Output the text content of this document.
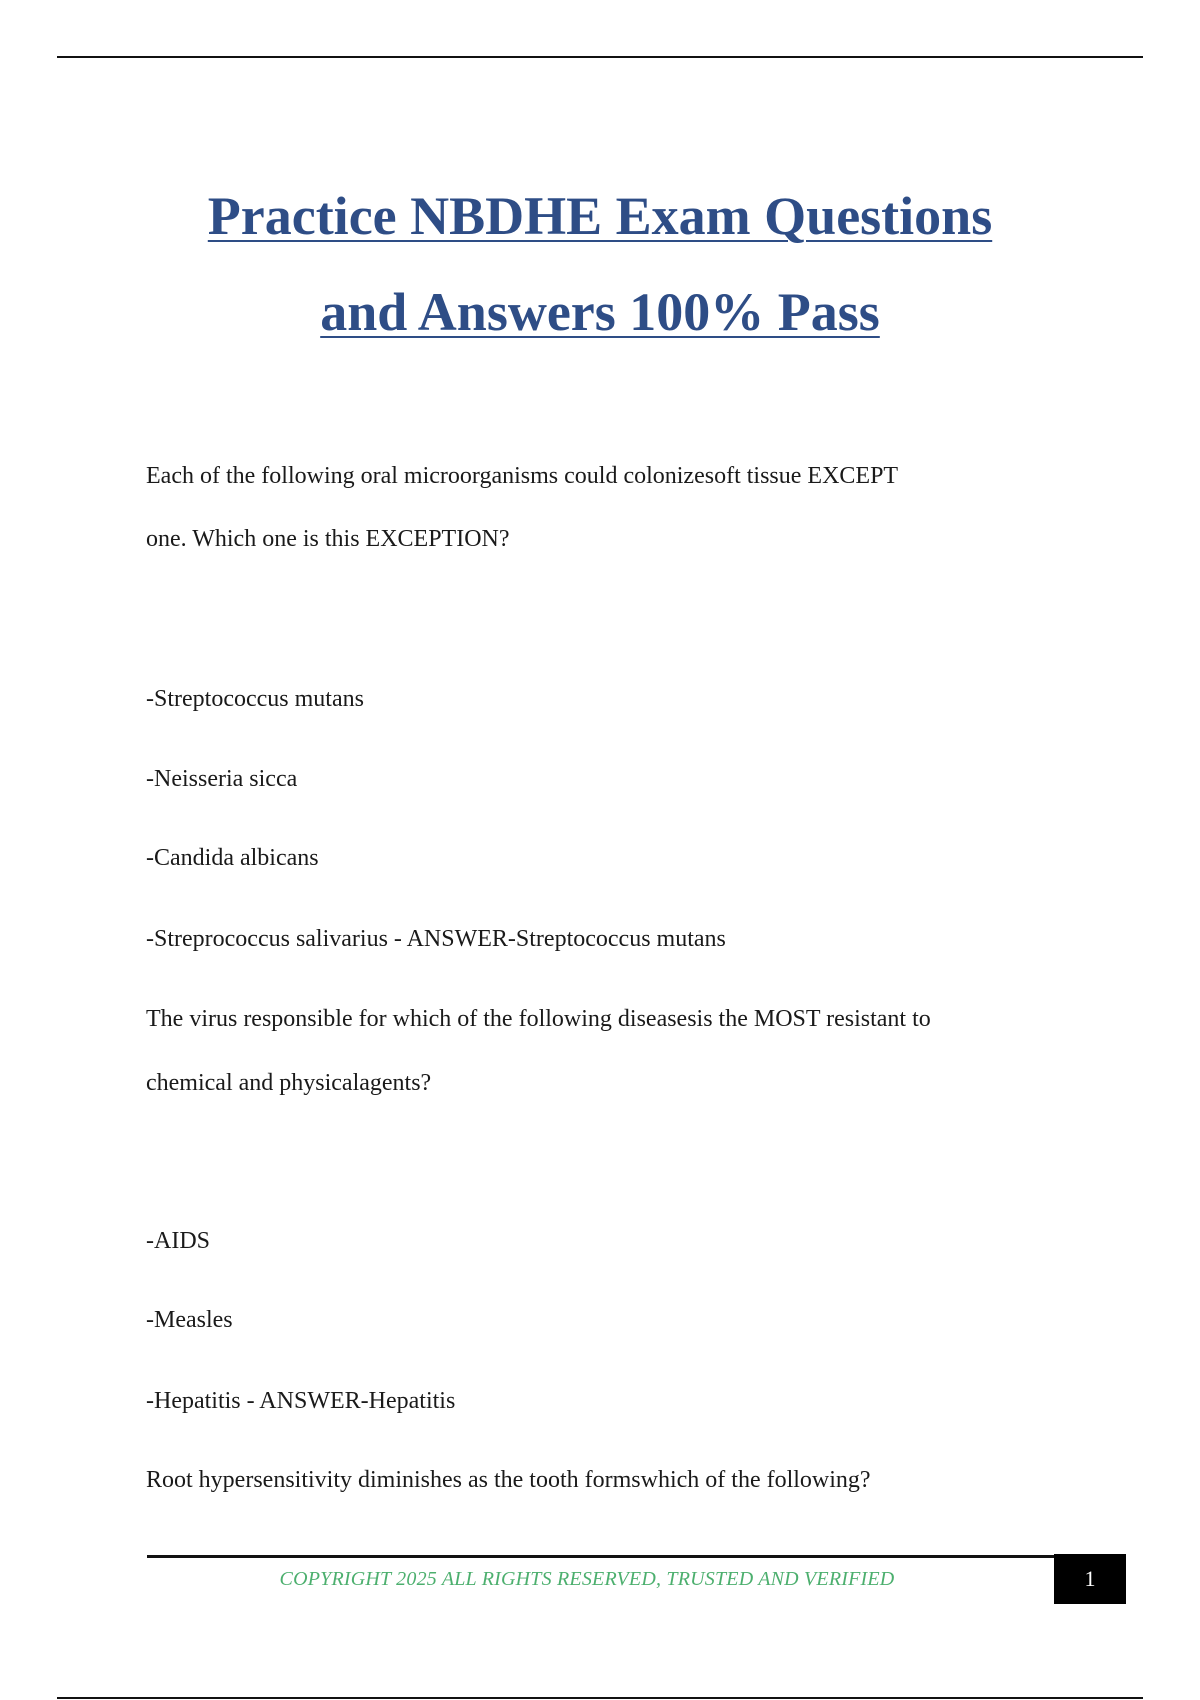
Practice NBDHE Exam Questions
and Answers 100% Pass
Each of the following oral microorganisms could colonizesoft tissue EXCEPT
one. Which one is this EXCEPTION?
-Streptococcus mutans
-Neisseria sicca
-Candida albicans
-Streprococcus salivarius - ANSWER-Streptococcus mutans
The virus responsible for which of the following diseasesis the MOST resistant to
chemical and physicalagents?
-AIDS
-Measles
-Hepatitis - ANSWER-Hepatitis
Root hypersensitivity diminishes as the tooth formswhich of the following?
COPYRIGHT 2025 ALL RIGHTS RESERVED, TRUSTED AND VERIFIED	1
